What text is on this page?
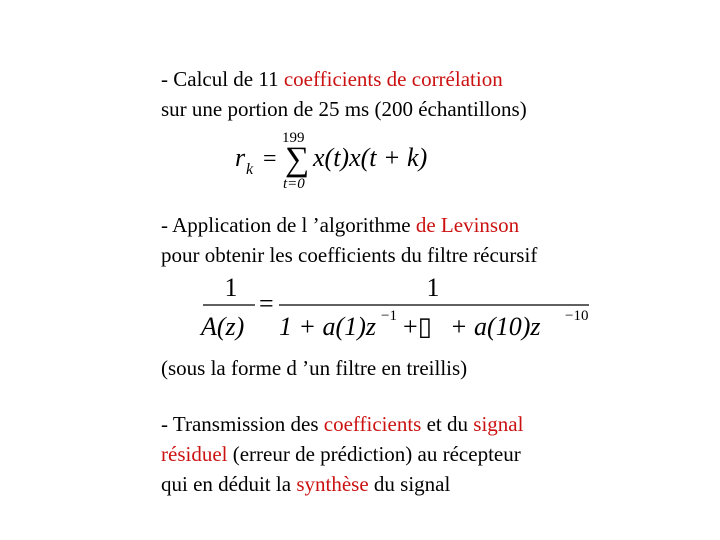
- Calcul de 11 coefficients de corrélation
sur une portion de 25 ms (200 échantillons)
r k =
199
∑
t=0
x(t)x(t + k)
- Application de l ’algorithme de Levinson
pour obtenir les coefficients du filtre récursif
1
A(z)
=
1
1 + a(1)z −1 +▯ + a(10)z −10
(sous la forme d ’un filtre en treillis)
- Transmission des coefficients et du signal
résiduel (erreur de prédiction) au récepteur
qui en déduit la synthèse du signal
